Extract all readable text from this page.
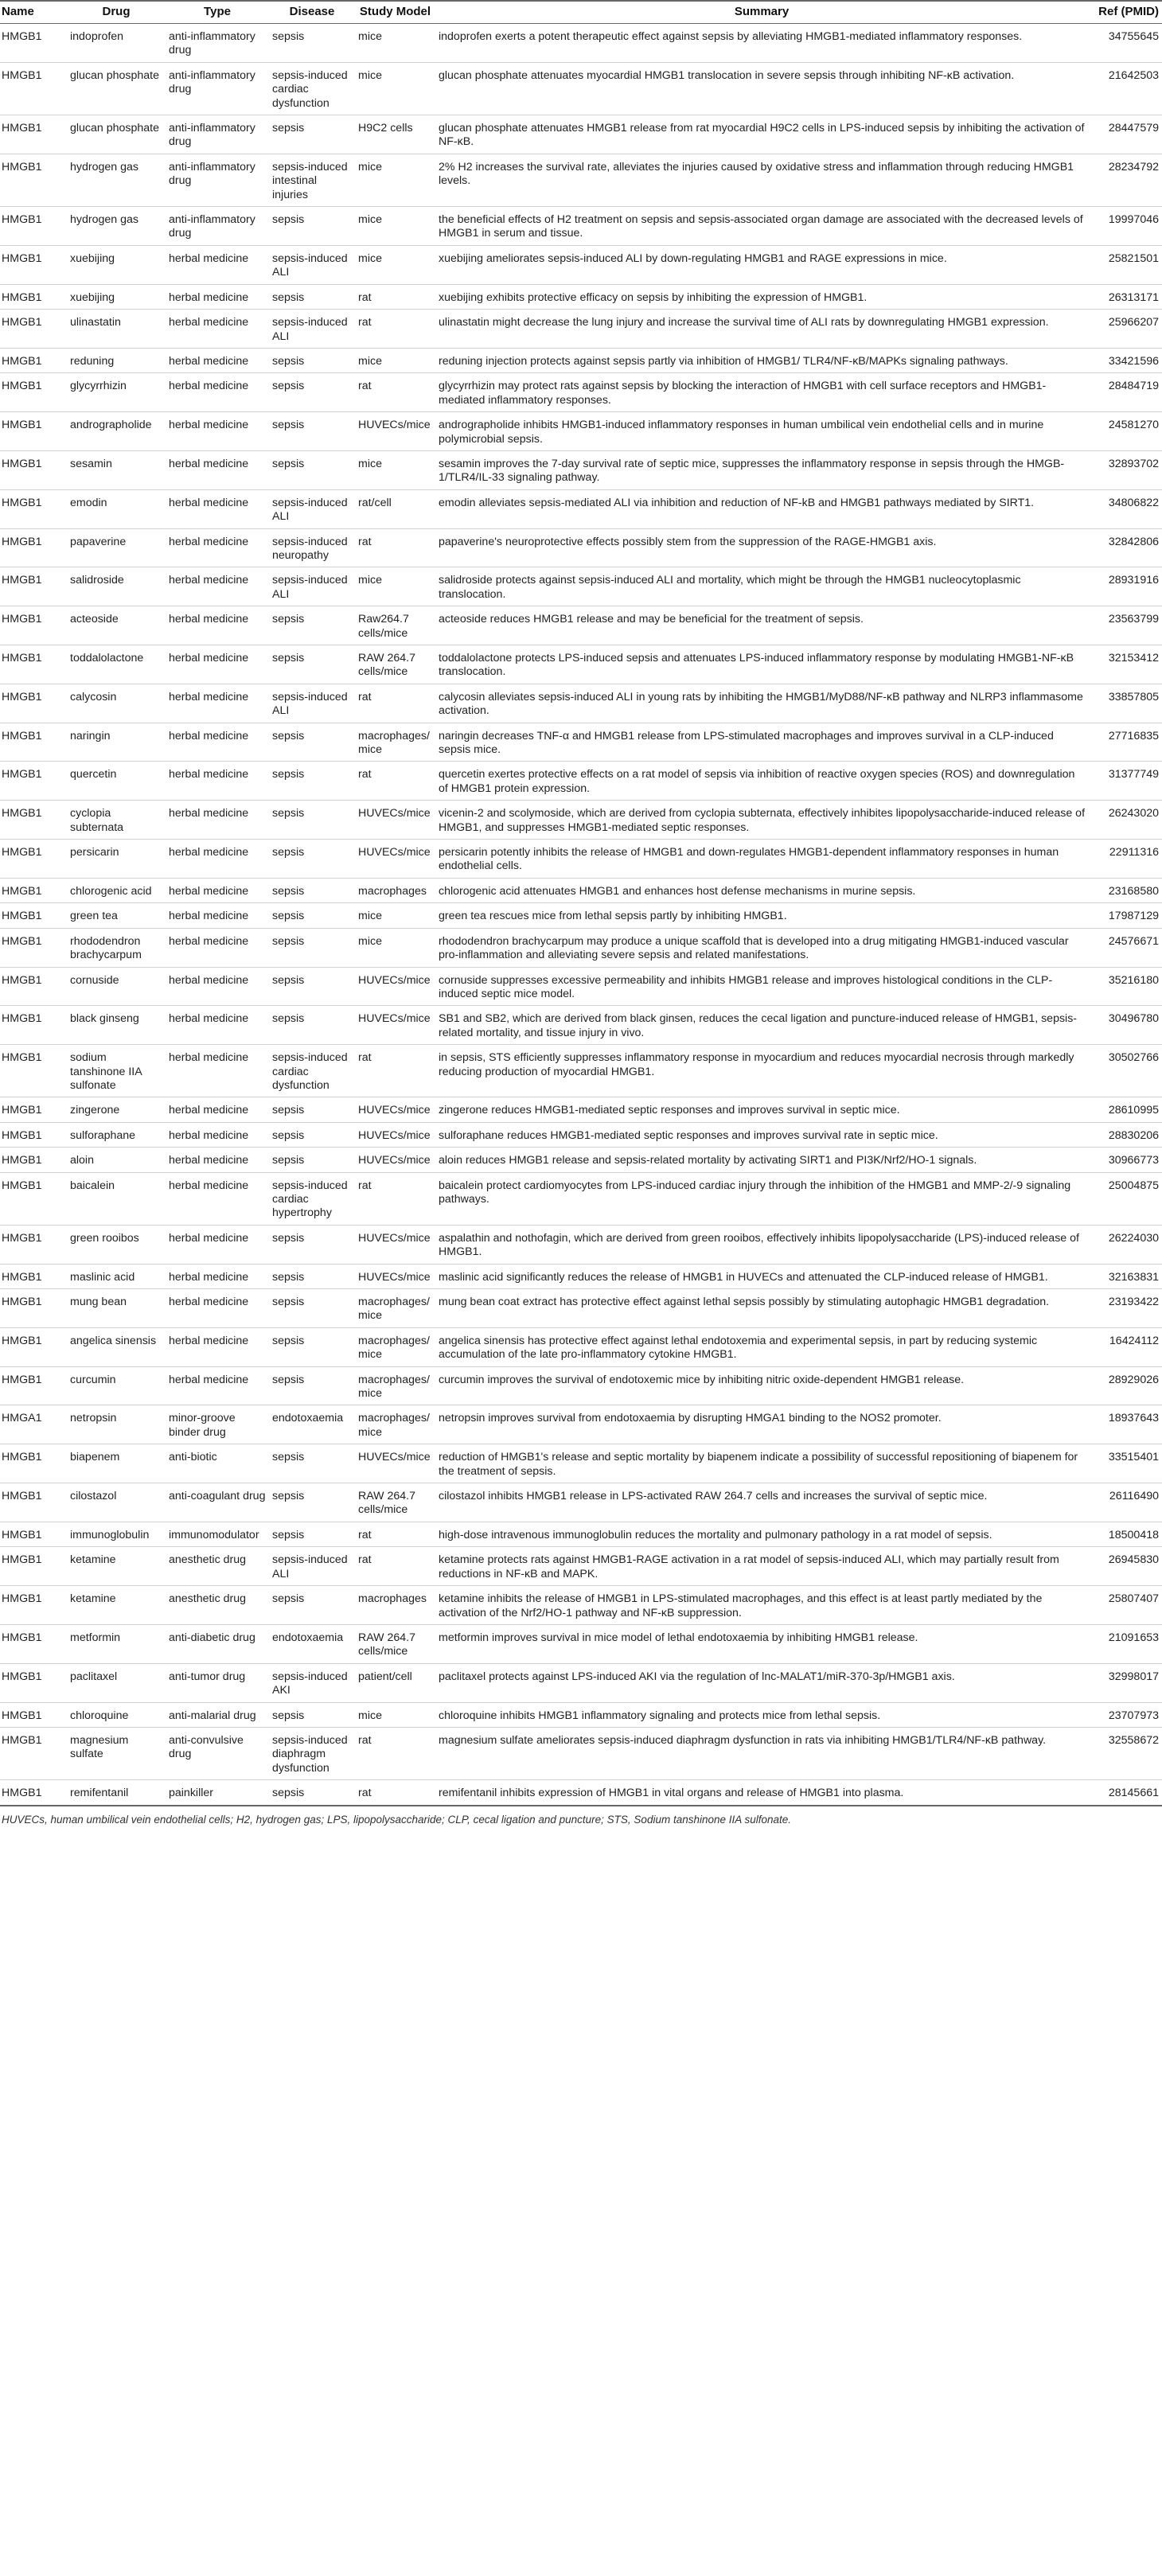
Name	Drug	Type	Disease	Study Model	Summary	Ref (PMID)
HMGB1	indoprofen	anti-inflammatory drug	sepsis	mice	indoprofen exerts a potent therapeutic effect against sepsis by alleviating HMGB1-mediated inflammatory responses.	34755645
HMGB1	glucan phosphate	anti-inflammatory drug	sepsis-induced cardiac dysfunction	mice	glucan phosphate attenuates myocardial HMGB1 translocation in severe sepsis through inhibiting NF-κB activation.	21642503
HMGB1	glucan phosphate	anti-inflammatory drug	sepsis	H9C2 cells	glucan phosphate attenuates HMGB1 release from rat myocardial H9C2 cells in LPS-induced sepsis by inhibiting the activation of NF-κB.	28447579
HMGB1	hydrogen gas	anti-inflammatory drug	sepsis-induced intestinal injuries	mice	2% H2 increases the survival rate, alleviates the injuries caused by oxidative stress and inflammation through reducing HMGB1 levels.	28234792
HMGB1	hydrogen gas	anti-inflammatory drug	sepsis	mice	the beneficial effects of H2 treatment on sepsis and sepsis-associated organ damage are associated with the decreased levels of HMGB1 in serum and tissue.	19997046
HMGB1	xuebijing	herbal medicine	sepsis-induced ALI	mice	xuebijing ameliorates sepsis-induced ALI by down-regulating HMGB1 and RAGE expressions in mice.	25821501
HMGB1	xuebijing	herbal medicine	sepsis	rat	xuebijing exhibits protective efficacy on sepsis by inhibiting the expression of HMGB1.	26313171
HMGB1	ulinastatin	herbal medicine	sepsis-induced ALI	rat	ulinastatin might decrease the lung injury and increase the survival time of ALI rats by downregulating HMGB1 expression.	25966207
HMGB1	reduning	herbal medicine	sepsis	mice	reduning injection protects against sepsis partly via inhibition of HMGB1/ TLR4/NF-κB/MAPKs signaling pathways.	33421596
HMGB1	glycyrrhizin	herbal medicine	sepsis	rat	glycyrrhizin may protect rats against sepsis by blocking the interaction of HMGB1 with cell surface receptors and HMGB1-mediated inflammatory responses.	28484719
HMGB1	andrographolide	herbal medicine	sepsis	HUVECs/mice	andrographolide inhibits HMGB1-induced inflammatory responses in human umbilical vein endothelial cells and in murine polymicrobial sepsis.	24581270
HMGB1	sesamin	herbal medicine	sepsis	mice	sesamin improves the 7-day survival rate of septic mice, suppresses the inflammatory response in sepsis through the HMGB-1/TLR4/IL-33 signaling pathway.	32893702
HMGB1	emodin	herbal medicine	sepsis-induced ALI	rat/cell	emodin alleviates sepsis-mediated ALI via inhibition and reduction of NF-kB and HMGB1 pathways mediated by SIRT1.	34806822
HMGB1	papaverine	herbal medicine	sepsis-induced neuropathy	rat	papaverine's neuroprotective effects possibly stem from the suppression of the RAGE-HMGB1 axis.	32842806
HMGB1	salidroside	herbal medicine	sepsis-induced ALI	mice	salidroside protects against sepsis-induced ALI and mortality, which might be through the HMGB1 nucleocytoplasmic translocation.	28931916
HMGB1	acteoside	herbal medicine	sepsis	Raw264.7 cells/mice	acteoside reduces HMGB1 release and may be beneficial for the treatment of sepsis.	23563799
HMGB1	toddalolactone	herbal medicine	sepsis	RAW 264.7 cells/mice	toddalolactone protects LPS-induced sepsis and attenuates LPS-induced inflammatory response by modulating HMGB1-NF-κB translocation.	32153412
HMGB1	calycosin	herbal medicine	sepsis-induced ALI	rat	calycosin alleviates sepsis-induced ALI in young rats by inhibiting the HMGB1/MyD88/NF-κB pathway and NLRP3 inflammasome activation.	33857805
HMGB1	naringin	herbal medicine	sepsis	macrophages/ mice	naringin decreases TNF-α and HMGB1 release from LPS-stimulated macrophages and improves survival in a CLP-induced sepsis mice.	27716835
HMGB1	quercetin	herbal medicine	sepsis	rat	quercetin exertes protective effects on a rat model of sepsis via inhibition of reactive oxygen species (ROS) and downregulation of HMGB1 protein expression.	31377749
HMGB1	cyclopia subternata	herbal medicine	sepsis	HUVECs/mice	vicenin-2 and scolymoside, which are derived from cyclopia subternata, effectively inhibites lipopolysaccharide-induced release of HMGB1, and suppresses HMGB1-mediated septic responses.	26243020
HMGB1	persicarin	herbal medicine	sepsis	HUVECs/mice	persicarin potently inhibits the release of HMGB1 and down-regulates HMGB1-dependent inflammatory responses in human endothelial cells.	22911316
HMGB1	chlorogenic acid	herbal medicine	sepsis	macrophages	chlorogenic acid attenuates HMGB1 and enhances host defense mechanisms in murine sepsis.	23168580
HMGB1	green tea	herbal medicine	sepsis	mice	green tea rescues mice from lethal sepsis partly by inhibiting HMGB1.	17987129
HMGB1	rhododendron brachycarpum	herbal medicine	sepsis	mice	rhododendron brachycarpum may produce a unique scaffold that is developed into a drug mitigating HMGB1-induced vascular pro-inflammation and alleviating severe sepsis and related manifestations.	24576671
HMGB1	cornuside	herbal medicine	sepsis	HUVECs/mice	cornuside suppresses excessive permeability and inhibits HMGB1 release and improves histological conditions in the CLP-induced septic mice model.	35216180
HMGB1	black ginseng	herbal medicine	sepsis	HUVECs/mice	SB1 and SB2, which are derived from black ginsen, reduces the cecal ligation and puncture-induced release of HMGB1, sepsis-related mortality, and tissue injury in vivo.	30496780
HMGB1	sodium tanshinone IIA sulfonate	herbal medicine	sepsis-induced cardiac dysfunction	rat	in sepsis, STS efficiently suppresses inflammatory response in myocardium and reduces myocardial necrosis through markedly reducing production of myocardial HMGB1.	30502766
HMGB1	zingerone	herbal medicine	sepsis	HUVECs/mice	zingerone reduces HMGB1-mediated septic responses and improves survival in septic mice.	28610995
HMGB1	sulforaphane	herbal medicine	sepsis	HUVECs/mice	sulforaphane reduces HMGB1-mediated septic responses and improves survival rate in septic mice.	28830206
HMGB1	aloin	herbal medicine	sepsis	HUVECs/mice	aloin reduces HMGB1 release and sepsis-related mortality by activating SIRT1 and PI3K/Nrf2/HO-1 signals.	30966773
HMGB1	baicalein	herbal medicine	sepsis-induced cardiac hypertrophy	rat	baicalein protect cardiomyocytes from LPS-induced cardiac injury through the inhibition of the HMGB1 and MMP-2/-9 signaling pathways.	25004875
HMGB1	green rooibos	herbal medicine	sepsis	HUVECs/mice	aspalathin and nothofagin, which are derived from green rooibos, effectively inhibits lipopolysaccharide (LPS)-induced release of HMGB1.	26224030
HMGB1	maslinic acid	herbal medicine	sepsis	HUVECs/mice	maslinic acid significantly reduces the release of HMGB1 in HUVECs and attenuated the CLP-induced release of HMGB1.	32163831
HMGB1	mung bean	herbal medicine	sepsis	macrophages/ mice	mung bean coat extract has protective effect against lethal sepsis possibly by stimulating autophagic HMGB1 degradation.	23193422
HMGB1	angelica sinensis	herbal medicine	sepsis	macrophages/ mice	angelica sinensis has protective effect against lethal endotoxemia and experimental sepsis, in part by reducing systemic accumulation of the late pro-inflammatory cytokine HMGB1.	16424112
HMGB1	curcumin	herbal medicine	sepsis	macrophages/ mice	curcumin improves the survival of endotoxemic mice by inhibiting nitric oxide-dependent HMGB1 release.	28929026
HMGA1	netropsin	minor-groove binder drug	endotoxaemia	macrophages/ mice	netropsin improves survival from endotoxaemia by disrupting HMGA1 binding to the NOS2 promoter.	18937643
HMGB1	biapenem	anti-biotic	sepsis	HUVECs/mice	reduction of HMGB1's release and septic mortality by biapenem indicate a possibility of successful repositioning of biapenem for the treatment of sepsis.	33515401
HMGB1	cilostazol	anti-coagulant drug	sepsis	RAW 264.7 cells/mice	cilostazol inhibits HMGB1 release in LPS-activated RAW 264.7 cells and increases the survival of septic mice.	26116490
HMGB1	immunoglobulin	immunomodulator	sepsis	rat	high-dose intravenous immunoglobulin reduces the mortality and pulmonary pathology in a rat model of sepsis.	18500418
HMGB1	ketamine	anesthetic drug	sepsis-induced ALI	rat	ketamine protects rats against HMGB1-RAGE activation in a rat model of sepsis-induced ALI, which may partially result from reductions in NF-κB and MAPK.	26945830
HMGB1	ketamine	anesthetic drug	sepsis	macrophages	ketamine inhibits the release of HMGB1 in LPS-stimulated macrophages, and this effect is at least partly mediated by the activation of the Nrf2/HO-1 pathway and NF-κB suppression.	25807407
HMGB1	metformin	anti-diabetic drug	endotoxaemia	RAW 264.7 cells/mice	metformin improves survival in mice model of lethal endotoxaemia by inhibiting HMGB1 release.	21091653
HMGB1	paclitaxel	anti-tumor drug	sepsis-induced AKI	patient/cell	paclitaxel protects against LPS-induced AKI via the regulation of lnc-MALAT1/miR-370-3p/HMGB1 axis.	32998017
HMGB1	chloroquine	anti-malarial drug	sepsis	mice	chloroquine inhibits HMGB1 inflammatory signaling and protects mice from lethal sepsis.	23707973
HMGB1	magnesium sulfate	anti-convulsive drug	sepsis-induced diaphragm dysfunction	rat	magnesium sulfate ameliorates sepsis-induced diaphragm dysfunction in rats via inhibiting HMGB1/TLR4/NF-κB pathway.	32558672
HMGB1	remifentanil	painkiller	sepsis	rat	remifentanil inhibits expression of HMGB1 in vital organs and release of HMGB1 into plasma.	28145661
HUVECs, human umbilical vein endothelial cells; H2, hydrogen gas; LPS, lipopolysaccharide; CLP, cecal ligation and puncture; STS, Sodium tanshinone IIA sulfonate.
